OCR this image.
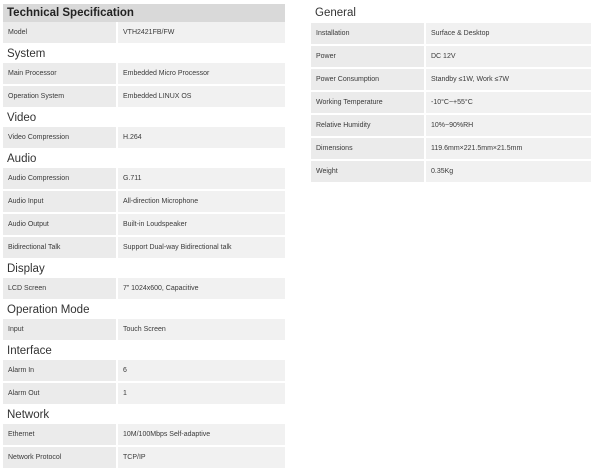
Technical Specification
Model	VTH2421FB/FW
System
Main Processor	Embedded Micro Processor
Operation System	Embedded LINUX OS
Video
Video Compression	H.264
Audio
Audio Compression	G.711
Audio Input	All-direction Microphone
Audio Output	Built-in Loudspeaker
Bidirectional Talk	Support Dual-way Bidirectional talk
Display
LCD Screen	7” 1024x600, Capacitive
Operation Mode
Input	Touch Screen
Interface
Alarm In	6
Alarm Out	1
Network
Ethernet	10M/100Mbps Self-adaptive
Network Protocol	TCP/IP
General
Installation	Surface & Desktop
Power	DC 12V
Power Consumption	Standby ≤1W, Work ≤7W
Working Temperature	-10°C~+55°C
Relative Humidity	10%~90%RH
Dimensions	119.6mm×221.5mm×21.5mm
Weight	0.35Kg
